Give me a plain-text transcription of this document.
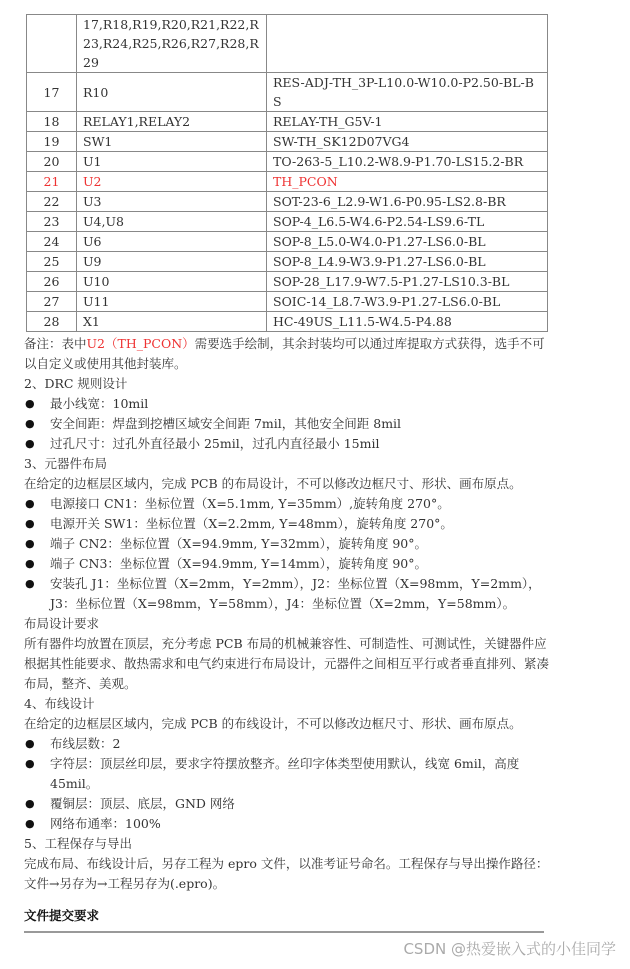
	17,R18,R19,R20,R21,R22,R23,R24,R25,R26,R27,R28,R29	
17	R10	RES-ADJ-TH_3P-L10.0-W10.0-P2.50-BL-BS
18	RELAY1,RELAY2	RELAY-TH_G5V-1
19	SW1	SW-TH_SK12D07VG4
20	U1	TO-263-5_L10.2-W8.9-P1.70-LS15.2-BR
21	U2	TH_PCON
22	U3	SOT-23-6_L2.9-W1.6-P0.95-LS2.8-BR
23	U4,U8	SOP-4_L6.5-W4.6-P2.54-LS9.6-TL
24	U6	SOP-8_L5.0-W4.0-P1.27-LS6.0-BL
25	U9	SOP-8_L4.9-W3.9-P1.27-LS6.0-BL
26	U10	SOP-28_L17.9-W7.5-P1.27-LS10.3-BL
27	U11	SOIC-14_L8.7-W3.9-P1.27-LS6.0-BL
28	X1	HC-49US_L11.5-W4.5-P4.88

备注：表中U2（TH_PCON）需要选手绘制，其余封装均可以通过库提取方式获得，选手不可以自定义或使用其他封装库。

2、DRC 规则设计

● 最小线宽：10mil

● 安全间距：焊盘到挖槽区域安全间距 7mil，其他安全间距 8mil

● 过孔尺寸：过孔外直径最小 25mil，过孔内直径最小 15mil

3、元器件布局

在给定的边框层区域内，完成 PCB 的布局设计，不可以修改边框尺寸、形状、画布原点。

● 电源接口 CN1：坐标位置（X=5.1mm, Y=35mm）,旋转角度 270°。

● 电源开关 SW1：坐标位置（X=2.2mm, Y=48mm），旋转角度 270°。

● 端子 CN2：坐标位置（X=94.9mm, Y=32mm），旋转角度 90°。

● 端子 CN3：坐标位置（X=94.9mm, Y=14mm），旋转角度 90°。

● 安装孔 J1：坐标位置（X=2mm，Y=2mm），J2：坐标位置（X=98mm，Y=2mm），J3：坐标位置（X=98mm，Y=58mm），J4：坐标位置（X=2mm，Y=58mm）。

布局设计要求

所有器件均放置在顶层，充分考虑 PCB 布局的机械兼容性、可制造性、可测试性，关键器件应根据其性能要求、散热需求和电气约束进行布局设计，元器件之间相互平行或者垂直排列、紧凑布局，整齐、美观。

4、布线设计

在给定的边框层区域内，完成 PCB 的布线设计，不可以修改边框尺寸、形状、画布原点。

● 布线层数：2

● 字符层：顶层丝印层，要求字符摆放整齐。丝印字体类型使用默认，线宽 6mil，高度 45mil。

● 覆铜层：顶层、底层，GND 网络

● 网络布通率：100%

5、工程保存与导出

完成布局、布线设计后，另存工程为 epro 文件，以准考证号命名。工程保存与导出操作路径：文件→另存为→工程另存为(.epro)。

文件提交要求

CSDN @热爱嵌入式的小佳同学
